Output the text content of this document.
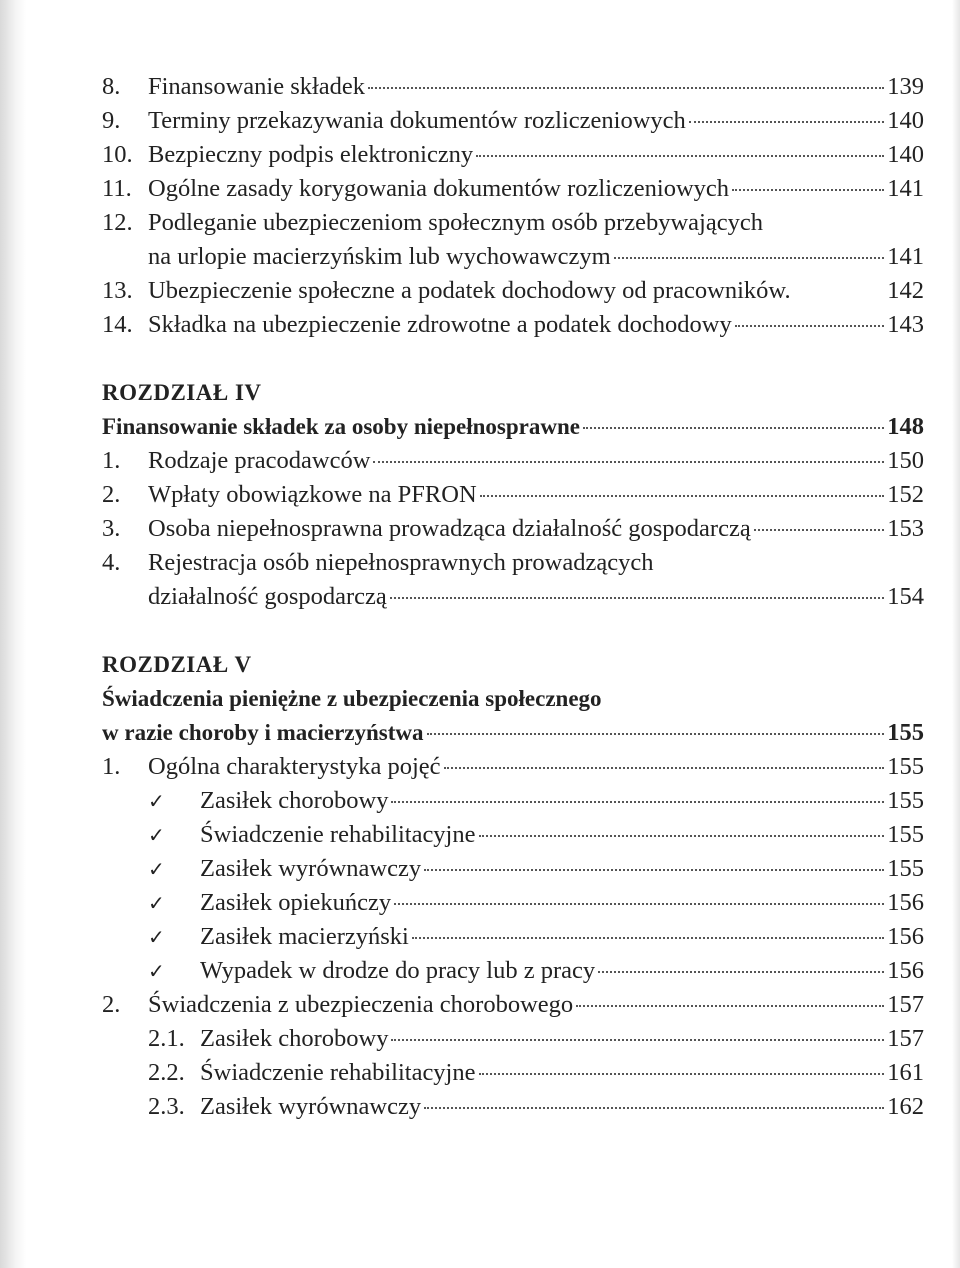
8.	Finansowanie składek	139
9.	Terminy przekazywania dokumentów rozliczeniowych	140
10. Bezpieczny podpis elektroniczny	140
11. Ogólne zasady korygowania dokumentów rozliczeniowych	141
12. Podleganie ubezpieczeniom społecznym osób przebywających
na urlopie macierzyńskim lub wychowawczym	141
13. Ubezpieczenie społeczne a podatek dochodowy od pracowników.	142
14. Składka na ubezpieczenie zdrowotne a podatek dochodowy	143
ROZDZIAŁ IV
Finansowanie składek za osoby niepełnosprawne	148
1.	Rodzaje pracodawców	150
2.	Wpłaty obowiązkowe na PFRON	152
3.	Osoba niepełnosprawna prowadząca działalność gospodarczą	153
4.	Rejestracja osób niepełnosprawnych prowadzących
działalność gospodarczą	154
ROZDZIAŁ V
Świadczenia pieniężne z ubezpieczenia społecznego
w razie choroby i macierzyństwa	155
1.	Ogólna charakterystyka pojęć	155
✓	Zasiłek chorobowy	155
✓	Świadczenie rehabilitacyjne	155
✓	Zasiłek wyrównawczy	155
✓	Zasiłek opiekuńczy	156
✓	Zasiłek macierzyński	156
✓	Wypadek w drodze do pracy lub z pracy	156
2.	Świadczenia z ubezpieczenia chorobowego	157
2.1. Zasiłek chorobowy	157
2.2. Świadczenie rehabilitacyjne	161
2.3. Zasiłek wyrównawczy	162
